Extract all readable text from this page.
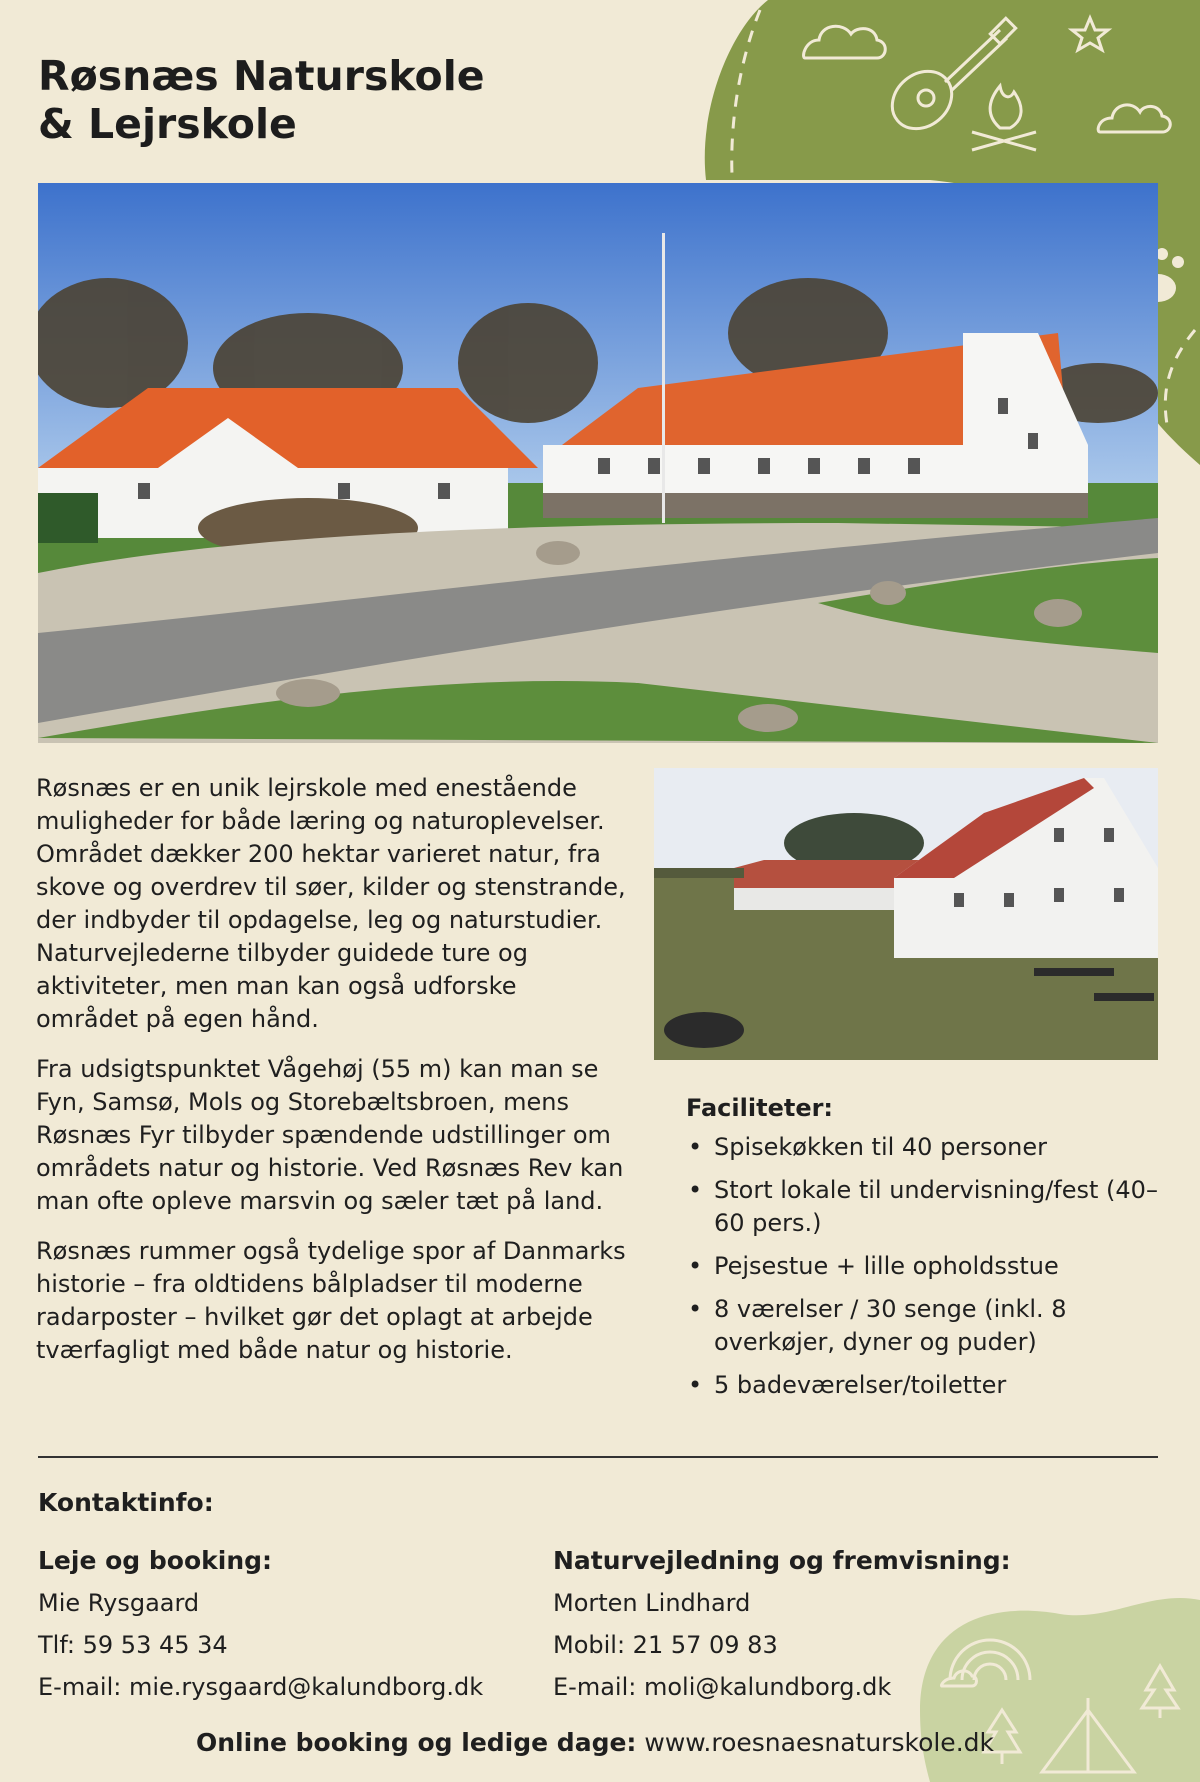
Røsnæs Naturskole
& Lejrskole

Røsnæs er en unik lejrskole med enestående muligheder for både læring og naturoplevelser. Området dækker 200 hektar varieret natur, fra skove og overdrev til søer, kilder og stenstrande, der indbyder til opdagelse, leg og naturstudier. Naturvejlederne tilbyder guidede ture og aktiviteter, men man kan også udforske området på egen hånd.

Fra udsigtspunktet Vågehøj (55 m) kan man se Fyn, Samsø, Mols og Storebæltsbroen, mens Røsnæs Fyr tilbyder spændende udstillinger om områdets natur og historie. Ved Røsnæs Rev kan man ofte opleve marsvin og sæler tæt på land.

Røsnæs rummer også tydelige spor af Danmarks historie – fra oldtidens bålpladser til moderne radarposter – hvilket gør det oplagt at arbejde tværfagligt med både natur og historie.

Faciliteter:
• Spisekøkken til 40 personer
• Stort lokale til undervisning/fest (40–60 pers.)
• Pejsestue + lille opholdsstue
• 8 værelser / 30 senge (inkl. 8 overkøjer, dyner og puder)
• 5 badeværelser/toiletter
Kontaktinfo:
Leje og booking:
Mie Rysgaard
Tlf: 59 53 45 34
E-mail: mie.rysgaard@kalundborg.dk
Naturvejledning og fremvisning:
Morten Lindhard
Mobil: 21 57 09 83
E-mail: moli@kalundborg.dk
Online booking og ledige dage: www.roesnaesnaturskole.dk
